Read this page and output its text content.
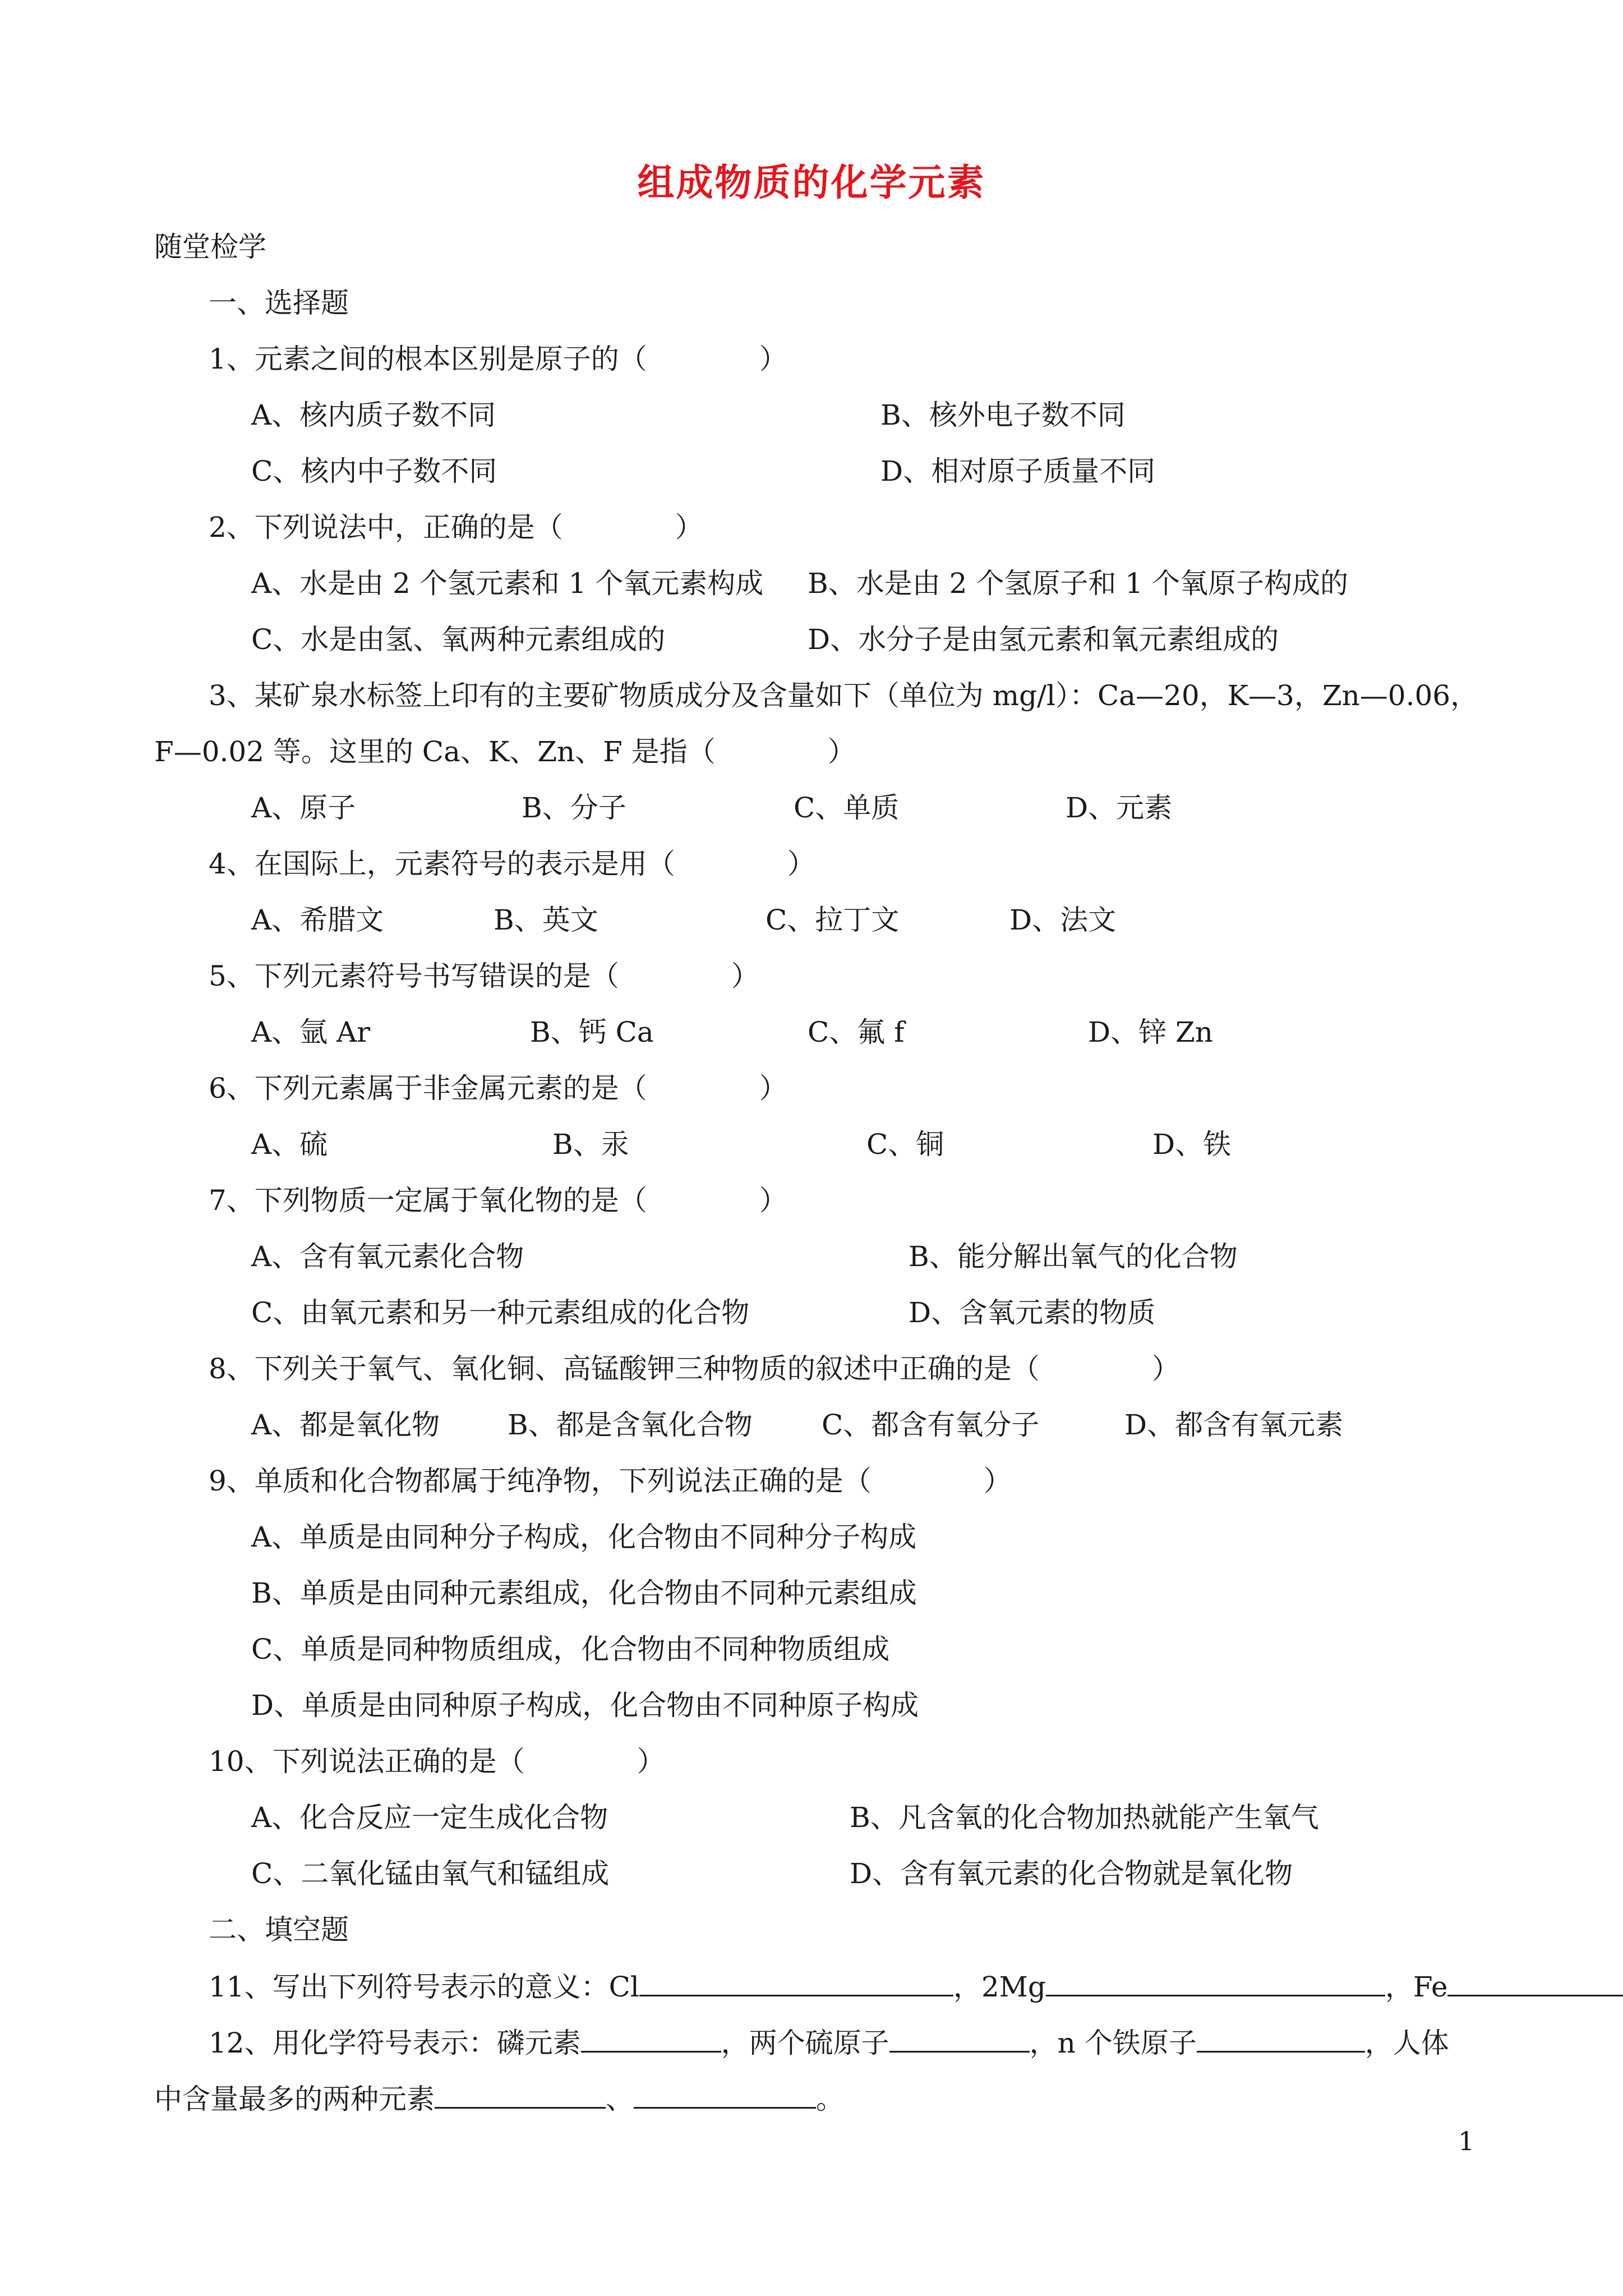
组成物质的化学元素
随堂检学
一、选择题
1、元素之间的根本区别是原子的（　　　　）
A、核内质子数不同	B、核外电子数不同
C、核内中子数不同	D、相对原子质量不同
2、下列说法中，正确的是（　　　　）
A、水是由 2 个氢元素和 1 个氧元素构成 B、水是由 2 个氢原子和 1 个氧原子构成的
C、水是由氢、氧两种元素组成的	D、水分子是由氢元素和氧元素组成的
3、某矿泉水标签上印有的主要矿物质成分及含量如下（单位为 mg/l）：Ca—20，K—3，Zn—0.06，
F—0.02 等。这里的 Ca、K、Zn、F 是指（　　　　）
A、原子	B、分子	C、单质	D、元素
4、在国际上，元素符号的表示是用（　　　　）
A、希腊文	B、英文	C、拉丁文	D、法文
5、下列元素符号书写错误的是（　　　　）
A、氩 Ar	B、钙 Ca	C、氟 f	D、锌 Zn
6、下列元素属于非金属元素的是（　　　　）
A、硫	B、汞	C、铜	D、铁
7、下列物质一定属于氧化物的是（　　　　）
A、含有氧元素化合物	B、能分解出氧气的化合物
C、由氧元素和另一种元素组成的化合物	D、含氧元素的物质
8、下列关于氧气、氧化铜、高锰酸钾三种物质的叙述中正确的是（　　　　）
A、都是氧化物 B、都是含氧化合物 C、都含有氧分子	D、都含有氧元素
9、单质和化合物都属于纯净物，下列说法正确的是（　　　　）
A、单质是由同种分子构成，化合物由不同种分子构成
B、单质是由同种元素组成，化合物由不同种元素组成
C、单质是同种物质组成，化合物由不同种物质组成
D、单质是由同种原子构成，化合物由不同种原子构成
10、下列说法正确的是（　　　　）
A、化合反应一定生成化合物	B、凡含氧的化合物加热就能产生氧气
C、二氧化锰由氧气和锰组成	D、含有氧元素的化合物就是氧化物
二、填空题
11、写出下列符号表示的意义：Cl	，2Mg	，Fe
12、用化学符号表示：磷元素	，两个硫原子	，n 个铁原子	，人体
中含量最多的两种元素	、	。
1
